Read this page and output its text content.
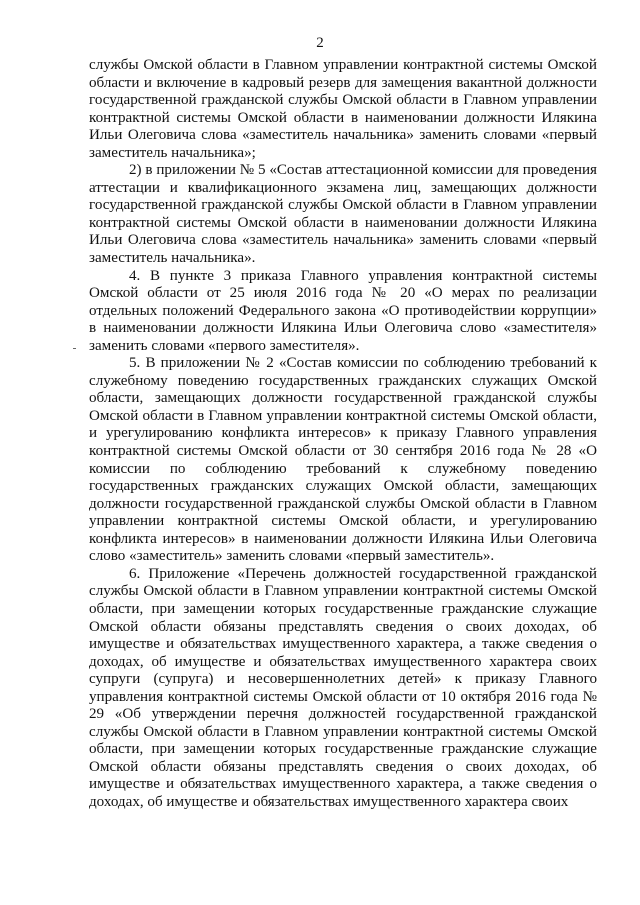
2

службы Омской области в Главном управлении контрактной системы Омской области и включение в кадровый резерв для замещения вакантной должности государственной гражданской службы Омской области в Главном управлении контрактной системы Омской области в наименовании должности Илякина Ильи Олеговича слова «заместитель начальника» заменить словами «первый заместитель начальника»;

2) в приложении № 5 «Состав аттестационной комиссии для проведения аттестации и квалификационного экзамена лиц, замещающих должности государственной гражданской службы Омской области в Главном управлении контрактной системы Омской области в наименовании должности Илякина Ильи Олеговича слова «заместитель начальника» заменить словами «первый заместитель начальника».

4. В пункте 3 приказа Главного управления контрактной системы Омской области от 25 июля 2016 года № 20 «О мерах по реализации отдельных положений Федерального закона «О противодействии коррупции» в наименовании должности Илякина Ильи Олеговича слово «заместителя» заменить словами «первого заместителя».

5. В приложении № 2 «Состав комиссии по соблюдению требований к служебному поведению государственных гражданских служащих Омской области, замещающих должности государственной гражданской службы Омской области в Главном управлении контрактной системы Омской области, и урегулированию конфликта интересов» к приказу Главного управления контрактной системы Омской области от 30 сентября 2016 года № 28 «О комиссии по соблюдению требований к служебному поведению государственных гражданских служащих Омской области, замещающих должности государственной гражданской службы Омской области в Главном управлении контрактной системы Омской области, и урегулированию конфликта интересов» в наименовании должности Илякина Ильи Олеговича слово «заместитель» заменить словами «первый заместитель».

6. Приложение «Перечень должностей государственной гражданской службы Омской области в Главном управлении контрактной системы Омской области, при замещении которых государственные гражданские служащие Омской области обязаны представлять сведения о своих доходах, об имуществе и обязательствах имущественного характера, а также сведения о доходах, об имуществе и обязательствах имущественного характера своих супруги (супруга) и несовершеннолетних детей» к приказу Главного управления контрактной системы Омской области от 10 октября 2016 года № 29 «Об утверждении перечня должностей государственной гражданской службы Омской области в Главном управлении контрактной системы Омской области, при замещении которых государственные гражданские служащие Омской области обязаны представлять сведения о своих доходах, об имуществе и обязательствах имущественного характера, а также сведения о доходах, об имуществе и обязательствах имущественного характера своих
